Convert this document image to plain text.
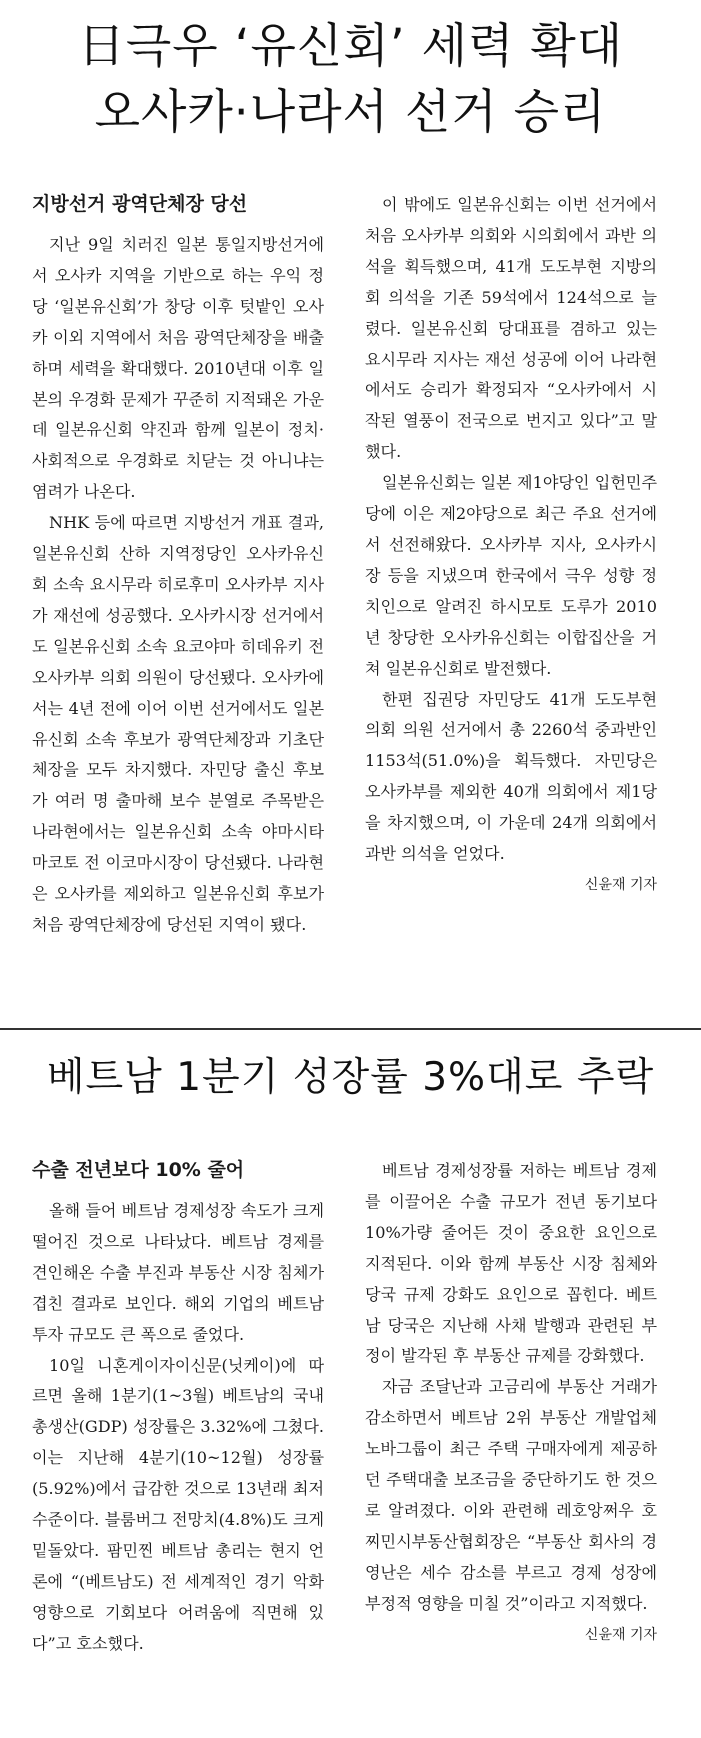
日극우 ‘유신회’ 세력 확대
오사카·나라서 선거 승리
지방선거 광역단체장 당선

지난 9일 치러진 일본 통일지방선거에서 오사카 지역을 기반으로 하는 우익 정당 ‘일본유신회’가 창당 이후 텃밭인 오사카 이외 지역에서 처음 광역단체장을 배출하며 세력을 확대했다. 2010년대 이후 일본의 우경화 문제가 꾸준히 지적돼온 가운데 일본유신회 약진과 함께 일본이 정치·사회적으로 우경화로 치닫는 것 아니냐는 염려가 나온다.

NHK 등에 따르면 지방선거 개표 결과, 일본유신회 산하 지역정당인 오사카유신회 소속 요시무라 히로후미 오사카부 지사가 재선에 성공했다. 오사카시장 선거에서도 일본유신회 소속 요코야마 히데유키 전 오사카부 의회 의원이 당선됐다. 오사카에서는 4년 전에 이어 이번 선거에서도 일본유신회 소속 후보가 광역단체장과 기초단체장을 모두 차지했다. 자민당 출신 후보가 여러 명 출마해 보수 분열로 주목받은 나라현에서는 일본유신회 소속 야마시타 마코토 전 이코마시장이 당선됐다. 나라현은 오사카를 제외하고 일본유신회 후보가 처음 광역단체장에 당선된 지역이 됐다.

이 밖에도 일본유신회는 이번 선거에서 처음 오사카부 의회와 시의회에서 과반 의석을 획득했으며, 41개 도도부현 지방의회 의석을 기존 59석에서 124석으로 늘렸다. 일본유신회 당대표를 겸하고 있는 요시무라 지사는 재선 성공에 이어 나라현에서도 승리가 확정되자 “오사카에서 시작된 열풍이 전국으로 번지고 있다”고 말했다.

일본유신회는 일본 제1야당인 입헌민주당에 이은 제2야당으로 최근 주요 선거에서 선전해왔다. 오사카부 지사, 오사카시장 등을 지냈으며 한국에서 극우 성향 정치인으로 알려진 하시모토 도루가 2010년 창당한 오사카유신회는 이합집산을 거쳐 일본유신회로 발전했다.

한편 집권당 자민당도 41개 도도부현 의회 의원 선거에서 총 2260석 중과반인 1153석(51.0%)을 획득했다. 자민당은 오사카부를 제외한 40개 의회에서 제1당을 차지했으며, 이 가운데 24개 의회에서 과반 의석을 얻었다.

신윤재 기자
베트남 1분기 성장률 3%대로 추락
수출 전년보다 10% 줄어

올해 들어 베트남 경제성장 속도가 크게 떨어진 것으로 나타났다. 베트남 경제를 견인해온 수출 부진과 부동산 시장 침체가 겹친 결과로 보인다. 해외 기업의 베트남 투자 규모도 큰 폭으로 줄었다.

10일 니혼게이자이신문(닛케이)에 따르면 올해 1분기(1~3월) 베트남의 국내총생산(GDP) 성장률은 3.32%에 그쳤다. 이는 지난해 4분기(10~12월) 성장률(5.92%)에서 급감한 것으로 13년래 최저 수준이다. 블룸버그 전망치(4.8%)도 크게 밑돌았다. 팜민찐 베트남 총리는 현지 언론에 “(베트남도) 전 세계적인 경기 악화 영향으로 기회보다 어려움에 직면해 있다”고 호소했다.

베트남 경제성장률 저하는 베트남 경제를 이끌어온 수출 규모가 전년 동기보다 10%가량 줄어든 것이 중요한 요인으로 지적된다. 이와 함께 부동산 시장 침체와 당국 규제 강화도 요인으로 꼽힌다. 베트남 당국은 지난해 사채 발행과 관련된 부정이 발각된 후 부동산 규제를 강화했다.

자금 조달난과 고금리에 부동산 거래가 감소하면서 베트남 2위 부동산 개발업체 노바그룹이 최근 주택 구매자에게 제공하던 주택대출 보조금을 중단하기도 한 것으로 알려졌다. 이와 관련해 레호앙쩌우 호찌민시부동산협회장은 “부동산 회사의 경영난은 세수 감소를 부르고 경제 성장에 부정적 영향을 미칠 것”이라고 지적했다.

신윤재 기자
